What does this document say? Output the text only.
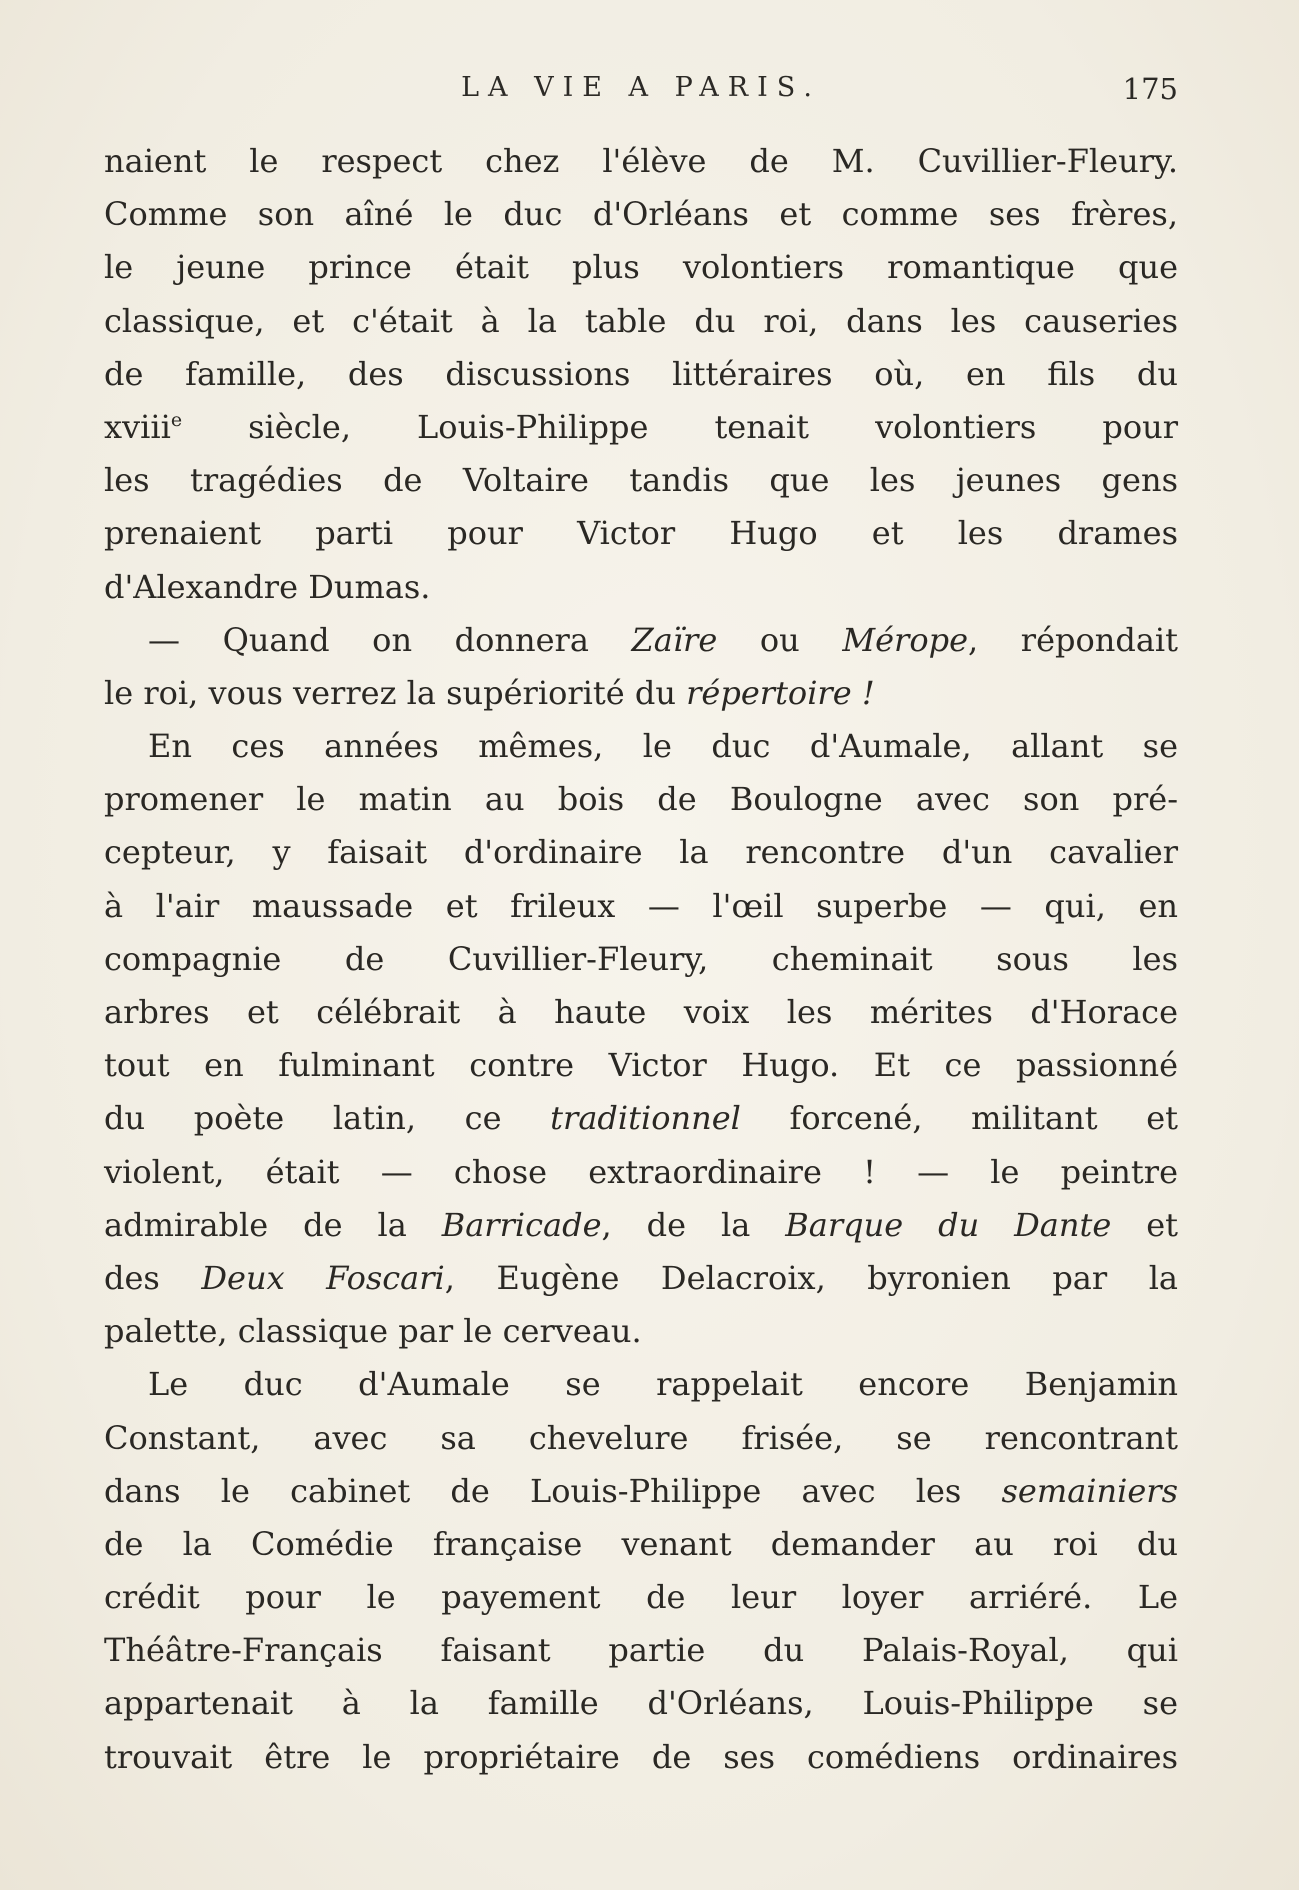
LA VIE A PARIS.	175
naient le respect chez l'élève de M. Cuvillier-Fleury.
Comme son aîné le duc d'Orléans et comme ses frères,
le jeune prince était plus volontiers romantique que
classique, et c'était à la table du roi, dans les causeries
de famille, des discussions littéraires où, en fils du
xviii$^e$ siècle, Louis-Philippe tenait volontiers pour
les tragédies de Voltaire tandis que les jeunes gens
prenaient parti pour Victor Hugo et les drames
d'Alexandre Dumas.
— Quand on donnera Zaïre ou Mérope, répondait
le roi, vous verrez la supériorité du répertoire !
En ces années mêmes, le duc d'Aumale, allant se
promener le matin au bois de Boulogne avec son pré-
cepteur, y faisait d'ordinaire la rencontre d'un cavalier
à l'air maussade et frileux — l'œil superbe — qui, en
compagnie de Cuvillier-Fleury, cheminait sous les
arbres et célébrait à haute voix les mérites d'Horace
tout en fulminant contre Victor Hugo. Et ce passionné
du poète latin, ce traditionnel forcené, militant et
violent, était — chose extraordinaire ! — le peintre
admirable de la Barricade, de la Barque du Dante et
des Deux Foscari, Eugène Delacroix, byronien par la
palette, classique par le cerveau.
Le duc d'Aumale se rappelait encore Benjamin
Constant, avec sa chevelure frisée, se rencontrant
dans le cabinet de Louis-Philippe avec les semainiers
de la Comédie française venant demander au roi du
crédit pour le payement de leur loyer arriéré. Le
Théâtre-Français faisant partie du Palais-Royal, qui
appartenait à la famille d'Orléans, Louis-Philippe se
trouvait être le propriétaire de ses comédiens ordinaires
